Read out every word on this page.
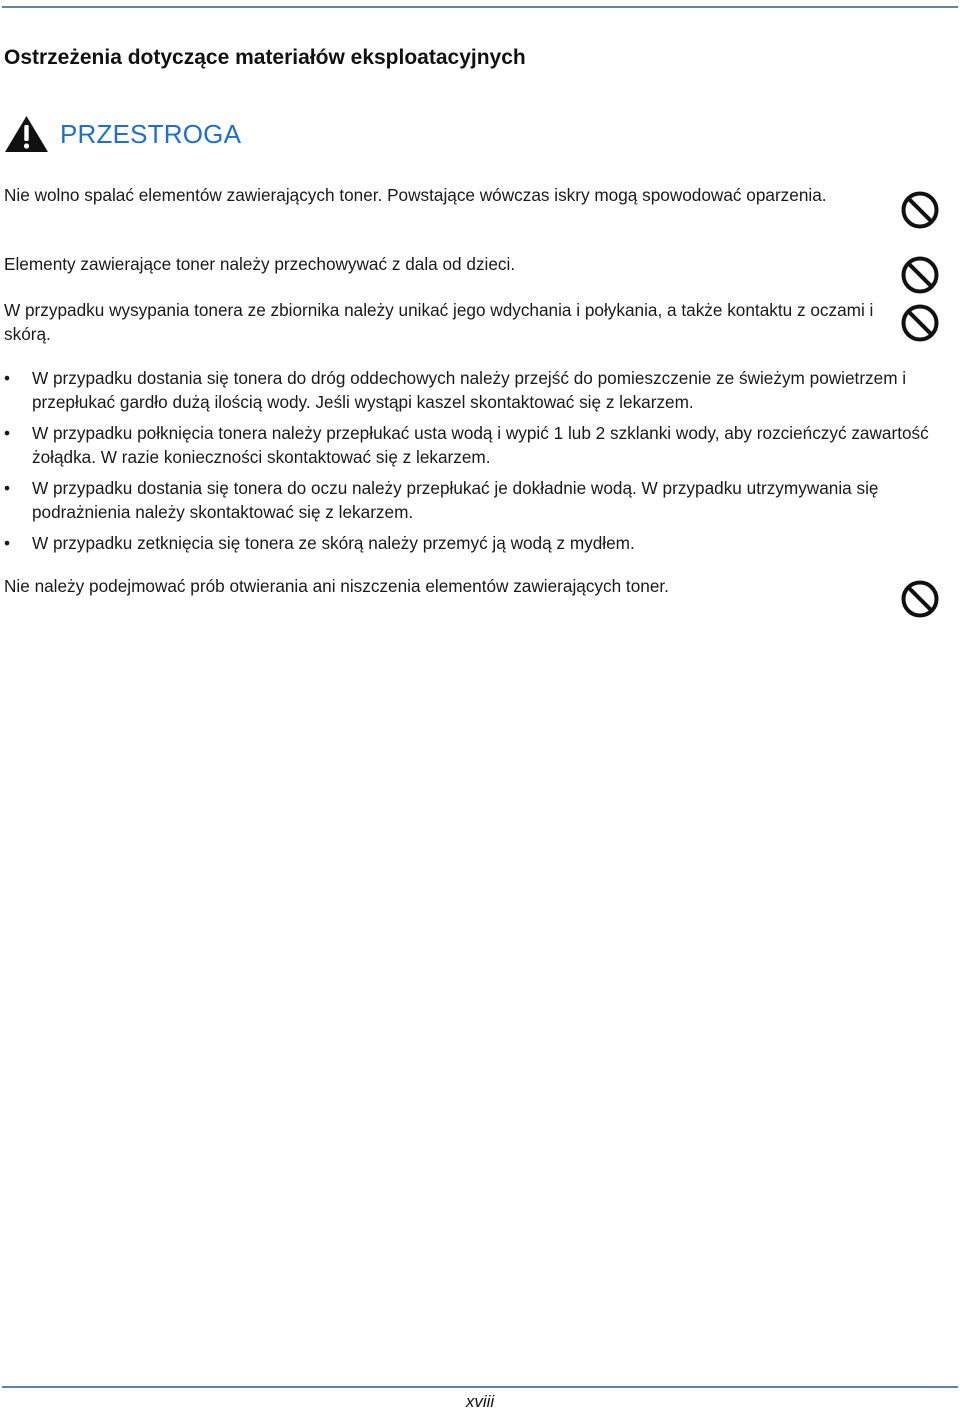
Ostrzeżenia dotyczące materiałów eksploatacyjnych
PRZESTROGA

Nie wolno spalać elementów zawierających toner. Powstające wówczas iskry mogą spowodować oparzenia.

Elementy zawierające toner należy przechowywać z dala od dzieci.

W przypadku wysypania tonera ze zbiornika należy unikać jego wdychania i połykania, a także kontaktu z oczami i skórą.

•	W przypadku dostania się tonera do dróg oddechowych należy przejść do pomieszczenie ze świeżym powietrzem i przepłukać gardło dużą ilością wody. Jeśli wystąpi kaszel skontaktować się z lekarzem.
•	W przypadku połknięcia tonera należy przepłukać usta wodą i wypić 1 lub 2 szklanki wody, aby rozcieńczyć zawartość żołądka. W razie konieczności skontaktować się z lekarzem.
•	W przypadku dostania się tonera do oczu należy przepłukać je dokładnie wodą. W przypadku utrzymywania się podrażnienia należy skontaktować się z lekarzem.
•	W przypadku zetknięcia się tonera ze skórą należy przemyć ją wodą z mydłem.

Nie należy podejmować prób otwierania ani niszczenia elementów zawierających toner.

xviii
